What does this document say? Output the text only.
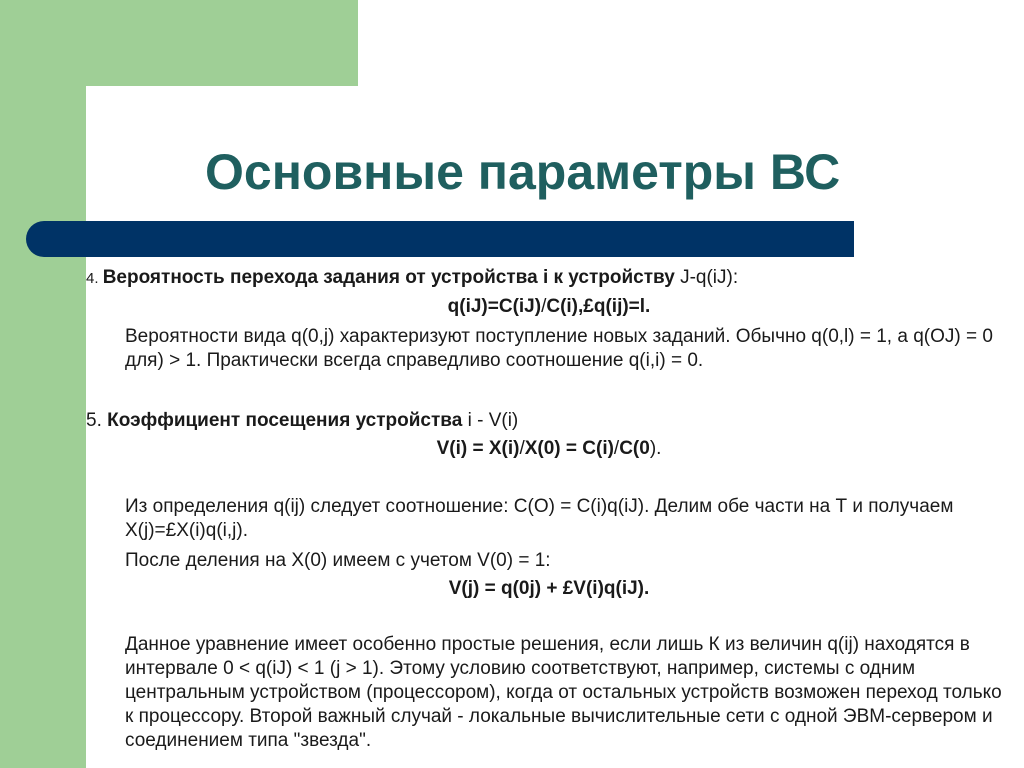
Основные параметры ВС

4. Вероятность перехода задания от устройства i к устройству J-q(iJ):

q(iJ)=C(iJ)/C(i),£q(ij)=l.

Вероятности вида q(0,j) характеризуют поступление новых заданий. Обычно q(0,l) = 1, а q(OJ) = 0 для) > 1. Практически всегда справедливо соотношение q(i,i) = 0.

5. Коэффициент посещения устройства i - V(i)

V(i) = X(i)/X(0) = C(i)/C(0).

Из определения q(ij) следует соотношение: С(О) = C(i)q(iJ). Делим обе части на Т и получаем X(j)=£X(i)q(i,j).

После деления на Х(0) имеем с учетом V(0) = 1:

V(j) = q(0j) + £V(i)q(iJ).

Данное уравнение имеет особенно простые решения, если лишь К из величин q(ij) находятся в интервале 0 < q(iJ) < 1 (j > 1). Этому условию соответствуют, например, системы с одним центральным устройством (процессором), когда от остальных устройств возможен переход только к процессору. Второй важный случай - локальные вычислительные сети с одной ЭВМ-сервером и соединением типа "звезда".
